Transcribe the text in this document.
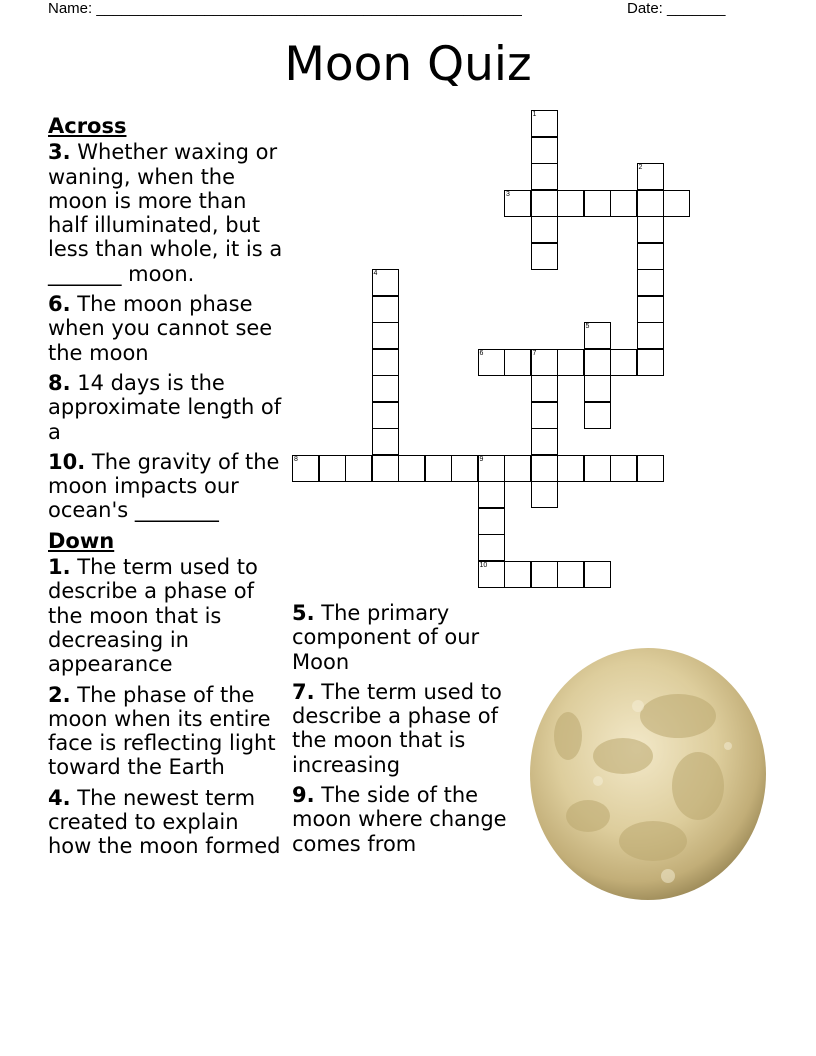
Name: ___________________________________________________	Date: _______
Moon Quiz
Across
3. Whether waxing or waning, when the moon is more than half illuminated, but less than whole, it is a _______ moon.
6. The moon phase when you cannot see the moon
8. 14 days is the approximate length of a
10. The gravity of the moon impacts our ocean's ________
Down
1. The term used to describe a phase of the moon that is decreasing in appearance
2. The phase of the moon when its entire face is reflecting light toward the Earth
4. The newest term created to explain how the moon formed
5. The primary component of our Moon
7. The term used to describe a phase of the moon that is increasing
9. The side of the moon where change comes from
3
6	7
8	9
10
1
2
4
5
